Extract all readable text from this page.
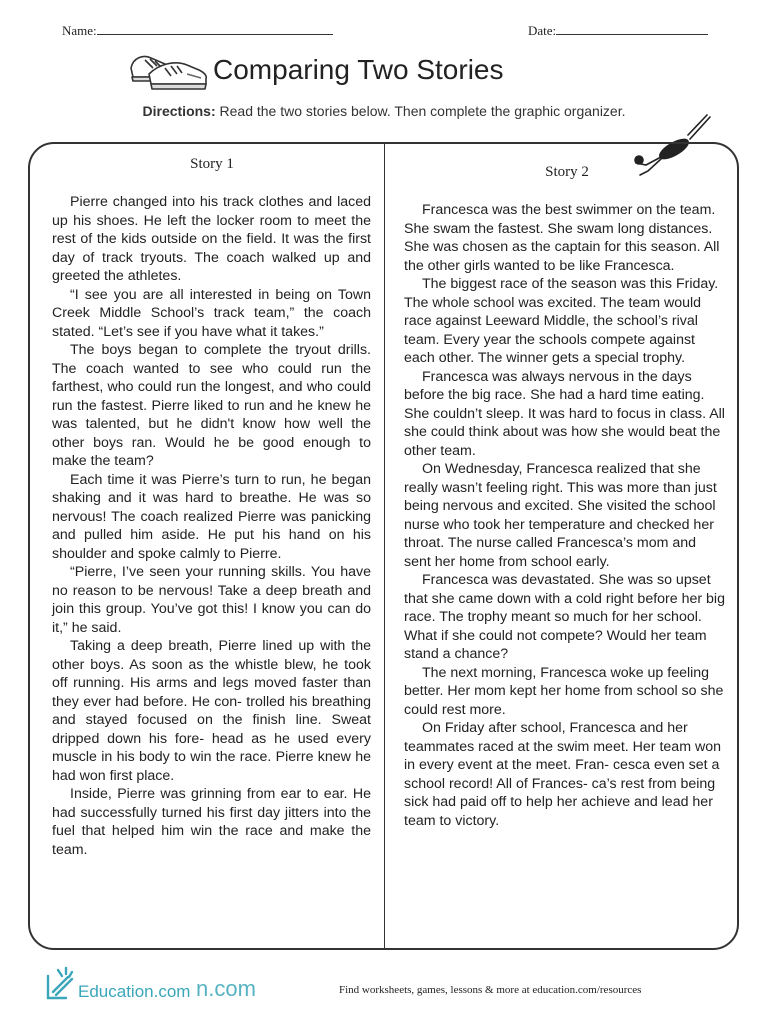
Name:	Date:
Comparing Two Stories
Directions: Read the two stories below. Then complete the graphic organizer.
Story 1	Story 2

Pierre changed into his track clothes and laced up his shoes. He left the locker room to meet the rest of the kids outside on the field. It was the first day of track tryouts. The coach walked up and greeted the athletes.

“I see you are all interested in being on Town Creek Middle School’s track team,” the coach stated. “Let’s see if you have what it takes.”

The boys began to complete the tryout drills. The coach wanted to see who could run the farthest, who could run the longest, and who could run the fastest. Pierre liked to run and he knew he was talented, but he didn't know how well the other boys ran. Would he be good enough to make the team?

Each time it was Pierre’s turn to run, he began shaking and it was hard to breathe. He was so nervous! The coach realized Pierre was panicking and pulled him aside. He put his hand on his shoulder and spoke calmly to Pierre.

“Pierre, I’ve seen your running skills. You have no reason to be nervous! Take a deep breath and join this group. You’ve got this! I know you can do it,” he said.

Taking a deep breath, Pierre lined up with the other boys. As soon as the whistle blew, he took off running. His arms and legs moved faster than they ever had before. He con- trolled his breathing and stayed focused on the finish line. Sweat dripped down his fore- head as he used every muscle in his body to win the race. Pierre knew he had won first place.

Inside, Pierre was grinning from ear to ear. He had successfully turned his first day jitters into the fuel that helped him win the race and make the team.

Francesca was the best swimmer on the team. She swam the fastest. She swam long distances. She was chosen as the captain for this season. All the other girls wanted to be like Francesca.

The biggest race of the season was this Friday. The whole school was excited. The team would race against Leeward Middle, the school’s rival team. Every year the schools compete against each other. The winner gets a special trophy.

Francesca was always nervous in the days before the big race. She had a hard time eating. She couldn’t sleep. It was hard to focus in class. All she could think about was how she would beat the other team.

On Wednesday, Francesca realized that she really wasn’t feeling right. This was more than just being nervous and excited. She visited the school nurse who took her temperature and checked her throat. The nurse called Francesca’s mom and sent her home from school early.

Francesca was devastated. She was so upset that she came down with a cold right before her big race. The trophy meant so much for her school. What if she could not compete? Would her team stand a chance?

The next morning, Francesca woke up feeling better. Her mom kept her home from school so she could rest more.

On Friday after school, Francesca and her teammates raced at the swim meet. Her team won in every event at the meet. Fran- cesca even set a school record! All of Frances- ca’s rest from being sick had paid off to help her achieve and lead her team to victory.

Education.com n.com	Find worksheets, games, lessons & more at education.com/resources
